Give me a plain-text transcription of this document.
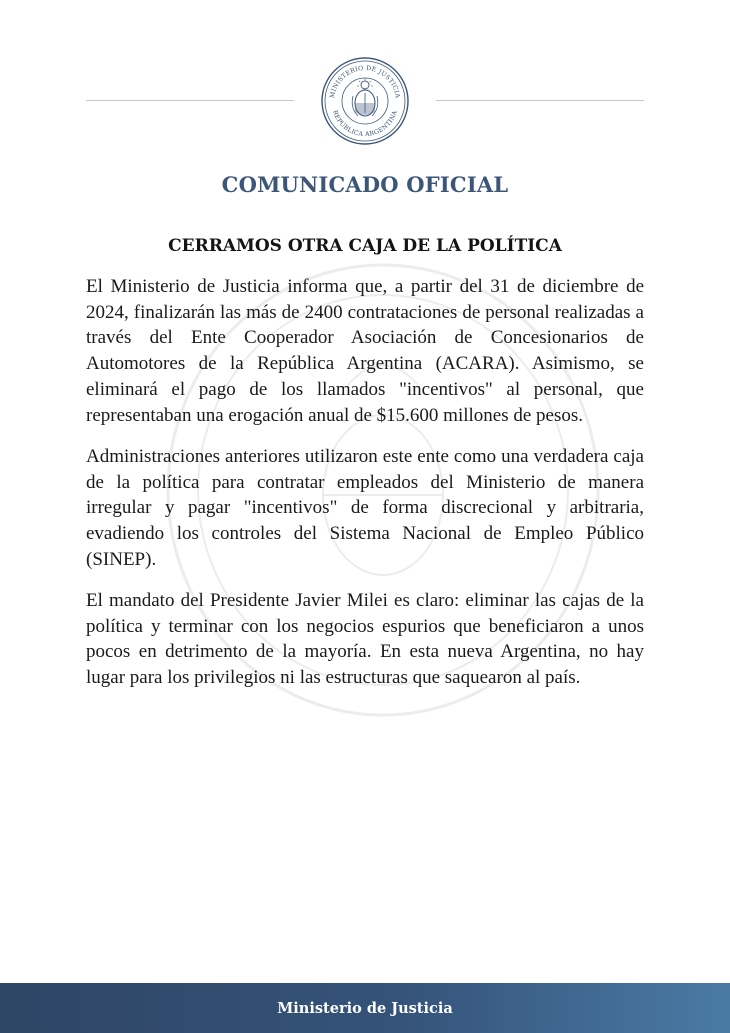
MINISTERIO DE JUSTICIA
REPÚBLICA ARGENTINA
COMUNICADO OFICIAL
CERRAMOS OTRA CAJA DE LA POLÍTICA

El Ministerio de Justicia informa que, a partir del 31 de diciembre de 2024, finalizarán las más de 2400 contrataciones de personal realizadas a través del Ente Cooperador Asociación de Concesionarios de Automotores de la República Argentina (ACARA). Asimismo, se eliminará el pago de los llamados "incentivos" al personal, que representaban una erogación anual de $15.600 millones de pesos.

Administraciones anteriores utilizaron este ente como una verdadera caja de la política para contratar empleados del Ministerio de manera irregular y pagar "incentivos" de forma discrecional y arbitraria, evadiendo los controles del Sistema Nacional de Empleo Público (SINEP).

El mandato del Presidente Javier Milei es claro: eliminar las cajas de la política y terminar con los negocios espurios que beneficiaron a unos pocos en detrimento de la mayoría. En esta nueva Argentina, no hay lugar para los privilegios ni las estructuras que saquearon al país.

Ministerio de Justicia
